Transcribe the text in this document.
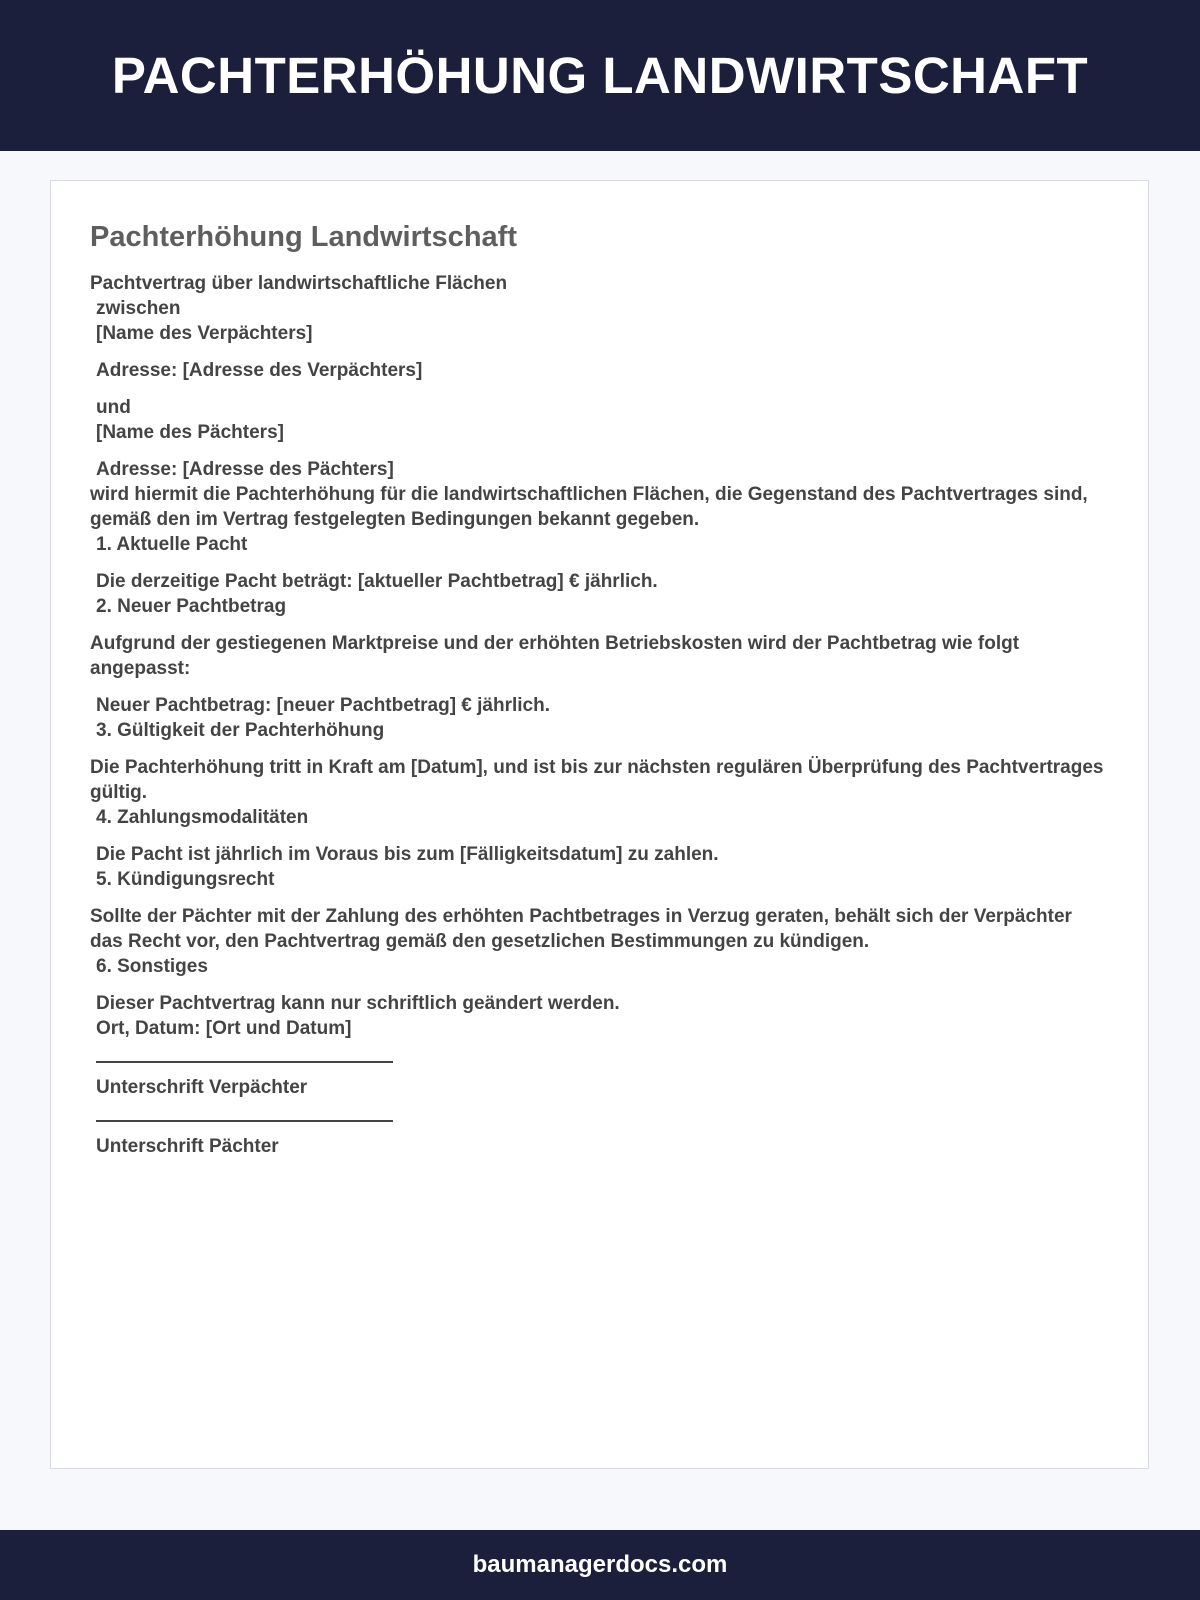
PACHTERHÖHUNG LANDWIRTSCHAFT
Pachterhöhung Landwirtschaft
Pachtvertrag über landwirtschaftliche Flächen
zwischen
[Name des Verpächters]
Adresse: [Adresse des Verpächters]
und
[Name des Pächters]
Adresse: [Adresse des Pächters]
wird hiermit die Pachterhöhung für die landwirtschaftlichen Flächen, die Gegenstand des Pachtvertrages sind, gemäß den im Vertrag festgelegten Bedingungen bekannt gegeben.
1. Aktuelle Pacht
Die derzeitige Pacht beträgt: [aktueller Pachtbetrag] € jährlich.
2. Neuer Pachtbetrag
Aufgrund der gestiegenen Marktpreise und der erhöhten Betriebskosten wird der Pachtbetrag wie folgt angepasst:
Neuer Pachtbetrag: [neuer Pachtbetrag] € jährlich.
3. Gültigkeit der Pachterhöhung
Die Pachterhöhung tritt in Kraft am [Datum], und ist bis zur nächsten regulären Überprüfung des Pachtvertrages gültig.
4. Zahlungsmodalitäten
Die Pacht ist jährlich im Voraus bis zum [Fälligkeitsdatum] zu zahlen.
5. Kündigungsrecht
Sollte der Pächter mit der Zahlung des erhöhten Pachtbetrages in Verzug geraten, behält sich der Verpächter das Recht vor, den Pachtvertrag gemäß den gesetzlichen Bestimmungen zu kündigen.
6. Sonstiges
Dieser Pachtvertrag kann nur schriftlich geändert werden.
Ort, Datum: [Ort und Datum]
Unterschrift Verpächter
Unterschrift Pächter
baumanagerdocs.com
